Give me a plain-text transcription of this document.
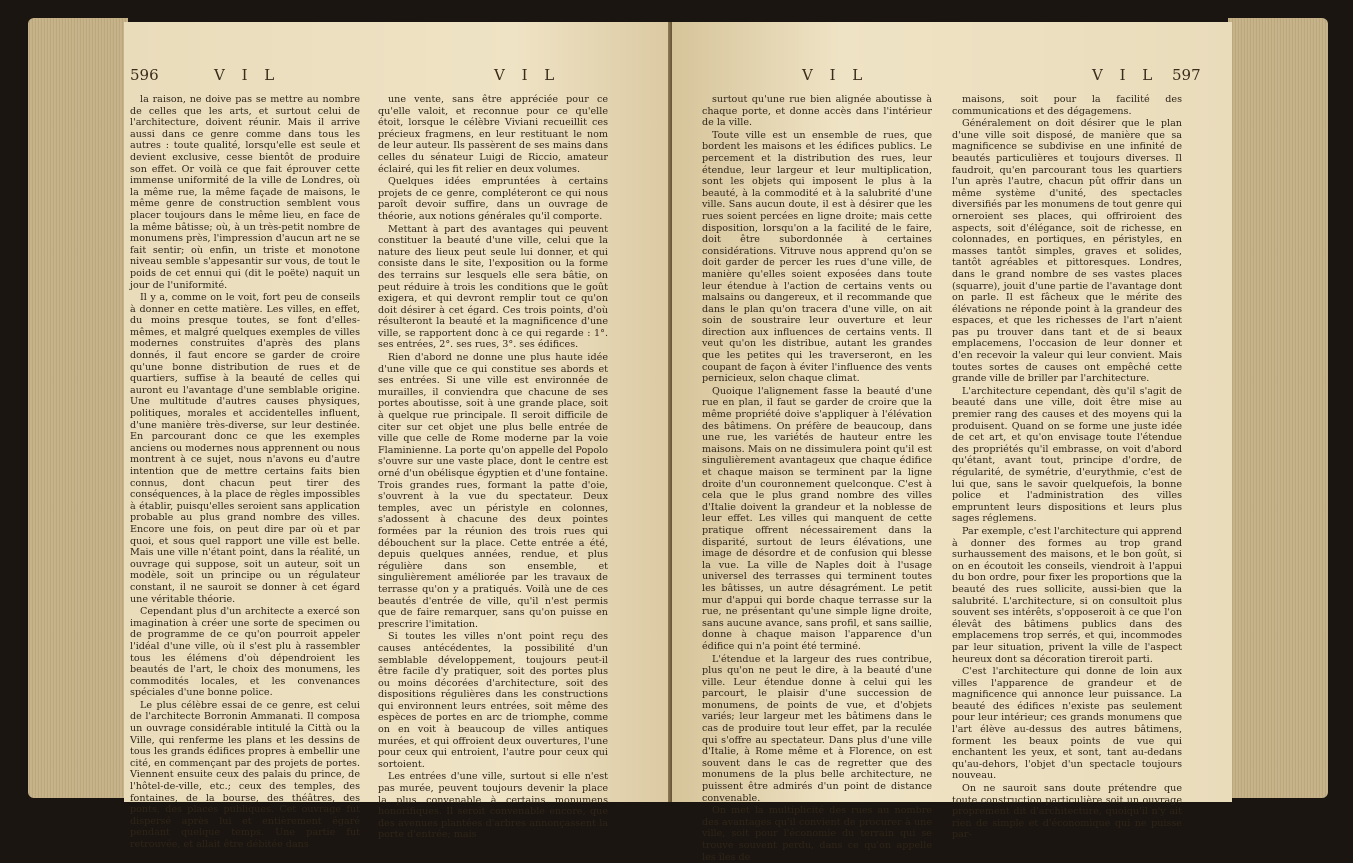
596	V I L	V I L

la raison, ne doive pas se mettre au nombre de celles que les arts, et surtout celui de l'architecture, doivent réunir. Mais il arrive aussi dans ce genre comme dans tous les autres : toute qualité, lorsqu'elle est seule et devient exclusive, cesse bientôt de produire son effet. Or voilà ce que fait éprouver cette immense uniformité de la ville de Londres, où la même rue, la même façade de maisons, le même genre de construction semblent vous placer toujours dans le même lieu, en face de la même bâtisse; où, à un très-petit nombre de monumens près, l'impression d'aucun art ne se fait sentir; où enfin, un triste et monotone niveau semble s'appesantir sur vous, de tout le poids de cet ennui qui (dit le poëte) naquit un jour de l'uniformité.

Il y a, comme on le voit, fort peu de conseils à donner en cette matière. Les villes, en effet, du moins presque toutes, se font d'elles-mêmes, et malgré quelques exemples de villes modernes construites d'après des plans donnés, il faut encore se garder de croire qu'une bonne distribution de rues et de quartiers, suffise à la beauté de celles qui auront eu l'avantage d'une semblable origine. Une multitude d'autres causes physiques, politiques, morales et accidentelles influent, d'une manière très-diverse, sur leur destinée. En parcourant donc ce que les exemples anciens ou modernes nous apprennent ou nous montrent à ce sujet, nous n'avons eu d'autre intention que de mettre certains faits bien connus, dont chacun peut tirer des conséquences, à la place de règles impossibles à établir, puisqu'elles seroient sans application probable au plus grand nombre des villes. Encore une fois, on peut dire par où et par quoi, et sous quel rapport une ville est belle. Mais une ville n'étant point, dans la réalité, un ouvrage qui suppose, soit un auteur, soit un modèle, soit un principe ou un régulateur constant, il ne sauroit se donner à cet égard une véritable théorie.

Cependant plus d'un architecte a exercé son imagination à créer une sorte de specimen ou de programme de ce qu'on pourroit appeler l'idéal d'une ville, où il s'est plu à rassembler tous les élémens d'où dépendroient les beautés de l'art, le choix des monumens, les commodités locales, et les convenances spéciales d'une bonne police.

Le plus célèbre essai de ce genre, est celui de l'architecte Borronin Ammanati. Il composa un ouvrage considérable intitulé la Città ou la Ville, qui renferme les plans et les dessins de tous les grands édifices propres à embellir une cité, en commençant par des projets de portes. Viennent ensuite ceux des palais du prince, de l'hôtel-de-ville, etc.; ceux des temples, des fontaines, de la bourse, des théâtres, des ponts, des places publiques. Cet ouvrage fut dispersé après lui et entièrement égaré pendant quelque temps. Une partie fut retrouvée, et allait être débitée dans

une vente, sans être appréciée pour ce qu'elle valoit, et reconnue pour ce qu'elle étoit, lorsque le célèbre Viviani recueillit ces précieux fragmens, en leur restituant le nom de leur auteur. Ils passèrent de ses mains dans celles du sénateur Luigi de Riccio, amateur éclairé, qui les fit relier en deux volumes.

Quelques idées empruntées à certains projets de ce genre, compléteront ce qui nous paroît devoir suffire, dans un ouvrage de théorie, aux notions générales qu'il comporte.

Mettant à part des avantages qui peuvent constituer la beauté d'une ville, celui que la nature des lieux peut seule lui donner, et qui consiste dans le site, l'exposition ou la forme des terrains sur lesquels elle sera bâtie, on peut réduire à trois les conditions que le goût exigera, et qui devront remplir tout ce qu'on doit désirer à cet égard. Ces trois points, d'où résulteront la beauté et la magnificence d'une ville, se rapportent donc à ce qui regarde : 1°. ses entrées, 2°. ses rues, 3°. ses édifices.

Rien d'abord ne donne une plus haute idée d'une ville que ce qui constitue ses abords et ses entrées. Si une ville est environnée de murailles, il conviendra que chacune de ses portes aboutisse, soit à une grande place, soit à quelque rue principale. Il seroit difficile de citer sur cet objet une plus belle entrée de ville que celle de Rome moderne par la voie Flaminienne. La porte qu'on appelle del Popolo s'ouvre sur une vaste place, dont le centre est orné d'un obélisque égyptien et d'une fontaine. Trois grandes rues, formant la patte d'oie, s'ouvrent à la vue du spectateur. Deux temples, avec un péristyle en colonnes, s'adossent à chacune des deux pointes formées par la réunion des trois rues qui débouchent sur la place. Cette entrée a été, depuis quelques années, rendue, et plus régulière dans son ensemble, et singulièrement améliorée par les travaux de terrasse qu'on y a pratiqués. Voilà une de ces beautés d'entrée de ville, qu'il n'est permis que de faire remarquer, sans qu'on puisse en prescrire l'imitation.

Si toutes les villes n'ont point reçu des causes antécédentes, la possibilité d'un semblable développement, toujours peut-il être facile d'y pratiquer, soit des portes plus ou moins décorées d'architecture, soit des dispositions régulières dans les constructions qui environnent leurs entrées, soit même des espèces de portes en arc de triomphe, comme on en voit à beaucoup de villes antiques murées, et qui offroient deux ouvertures, l'une pour ceux qui entroient, l'autre pour ceux qui sortoient.

Les entrées d'une ville, surtout si elle n'est pas murée, peuvent toujours devenir la place la plus convenable à certains monumens honorifiques. Il seroit convenable encore, que des avenues plantées d'arbres annonçassent la porte d'entrée; mais

V I L	V I L 597

surtout qu'une rue bien alignée aboutisse à chaque porte, et donne accès dans l'intérieur de la ville.

Toute ville est un ensemble de rues, que bordent les maisons et les édifices publics. Le percement et la distribution des rues, leur étendue, leur largeur et leur multiplication, sont les objets qui imposent le plus à la beauté, à la commodité et à la salubrité d'une ville. Sans aucun doute, il est à désirer que les rues soient percées en ligne droite; mais cette disposition, lorsqu'on a la facilité de le faire, doit être subordonnée à certaines considérations. Vitruve nous apprend qu'on se doit garder de percer les rues d'une ville, de manière qu'elles soient exposées dans toute leur étendue à l'action de certains vents ou malsains ou dangereux, et il recommande que dans le plan qu'on tracera d'une ville, on ait soin de soustraire leur ouverture et leur direction aux influences de certains vents. Il veut qu'on les distribue, autant les grandes que les petites qui les traverseront, en les coupant de façon à éviter l'influence des vents pernicieux, selon chaque climat.

Quoique l'alignement fasse la beauté d'une rue en plan, il faut se garder de croire que la même propriété doive s'appliquer à l'élévation des bâtimens. On préfère de beaucoup, dans une rue, les variétés de hauteur entre les maisons. Mais on ne dissimulera point qu'il est singulièrement avantageux que chaque édifice et chaque maison se terminent par la ligne droite d'un couronnement quelconque. C'est à cela que le plus grand nombre des villes d'Italie doivent la grandeur et la noblesse de leur effet. Les villes qui manquent de cette pratique offrent nécessairement dans la disparité, surtout de leurs élévations, une image de désordre et de confusion qui blesse la vue. La ville de Naples doit à l'usage universel des terrasses qui terminent toutes les bâtisses, un autre désagrément. Le petit mur d'appui qui borde chaque terrasse sur la rue, ne présentant qu'une simple ligne droite, sans aucune avance, sans profil, et sans saillie, donne à chaque maison l'apparence d'un édifice qui n'a point été terminé.

L'étendue et la largeur des rues contribue, plus qu'on ne peut le dire, à la beauté d'une ville. Leur étendue donne à celui qui les parcourt, le plaisir d'une succession de monumens, de points de vue, et d'objets variés; leur largeur met les bâtimens dans le cas de produire tout leur effet, par la reculée qui s'offre au spectateur. Dans plus d'une ville d'Italie, à Rome même et à Florence, on est souvent dans le cas de regretter que des monumens de la plus belle architecture, ne puissent être admirés d'un point de distance convenable.

On met la multiplicité des rues au nombre des avantages qu'il convient de procurer à une ville, soit pour l'économie du terrain qui se trouve souvent perdu, dans ce qu'on appelle les îles de

maisons, soit pour la facilité des communications et des dégagemens.

Généralement on doit désirer que le plan d'une ville soit disposé, de manière que sa magnificence se subdivise en une infinité de beautés particulières et toujours diverses. Il faudroit, qu'en parcourant tous les quartiers l'un après l'autre, chacun pût offrir dans un même système d'unité, des spectacles diversifiés par les monumens de tout genre qui orneroient ses places, qui offriroient des aspects, soit d'élégance, soit de richesse, en colonnades, en portiques, en péristyles, en masses tantôt simples, graves et solides, tantôt agréables et pittoresques. Londres, dans le grand nombre de ses vastes places (squarre), jouit d'une partie de l'avantage dont on parle. Il est fâcheux que le mérite des élévations ne réponde point à la grandeur des espaces, et que les richesses de l'art n'aient pas pu trouver dans tant et de si beaux emplacemens, l'occasion de leur donner et d'en recevoir la valeur qui leur convient. Mais toutes sortes de causes ont empêché cette grande ville de briller par l'architecture.

L'architecture cependant, dès qu'il s'agit de beauté dans une ville, doit être mise au premier rang des causes et des moyens qui la produisent. Quand on se forme une juste idée de cet art, et qu'on envisage toute l'étendue des propriétés qu'il embrasse, on voit d'abord qu'étant, avant tout, principe d'ordre, de régularité, de symétrie, d'eurythmie, c'est de lui que, sans le savoir quelquefois, la bonne police et l'administration des villes empruntent leurs dispositions et leurs plus sages réglemens.

Par exemple, c'est l'architecture qui apprend à donner des formes au trop grand surhaussement des maisons, et le bon goût, si on en écoutoit les conseils, viendroit à l'appui du bon ordre, pour fixer les proportions que la beauté des rues sollicite, aussi-bien que la salubrité. L'architecture, si on consultoit plus souvent ses intérêts, s'opposeroit à ce que l'on élevât des bâtimens publics dans des emplacemens trop serrés, et qui, incommodes par leur situation, privent la ville de l'aspect heureux dont sa décoration tireroit parti.

C'est l'architecture qui donne de loin aux villes l'apparence de grandeur et de magnificence qui annonce leur puissance. La beauté des édifices n'existe pas seulement pour leur intérieur; ces grands monumens que l'art élève au-dessus des autres bâtimens, forment les beaux points de vue qui enchantent les yeux, et sont, tant au-dedans qu'au-dehors, l'objet d'un spectacle toujours nouveau.

On ne sauroit sans doute prétendre que toute construction particulière soit un ouvrage proprement dit d'architecture, quoiqu'il n'y ait rien de simple et d'économique qui ne puisse par-
